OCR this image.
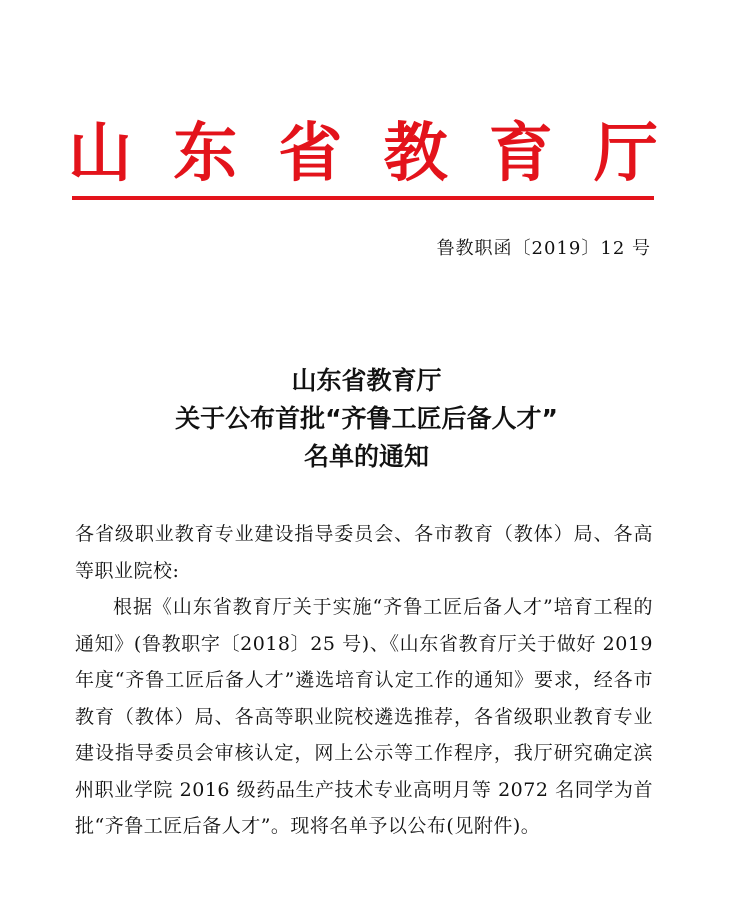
山 东 省 教 育 厅
鲁教职函〔2019〕12 号
山东省教育厅
关于公布首批“齐鲁工匠后备人才”
名单的通知

各省级职业教育专业建设指导委员会、各市教育（教体）局、各高等职业院校:

根据《山东省教育厅关于实施“齐鲁工匠后备人才”培育工程的通知》(鲁教职字〔2018〕25 号)、《山东省教育厅关于做好 2019 年度“齐鲁工匠后备人才”遴选培育认定工作的通知》要求，经各市教育（教体）局、各高等职业院校遴选推荐，各省级职业教育专业建设指导委员会审核认定，网上公示等工作程序，我厅研究确定滨州职业学院 2016 级药品生产技术专业高明月等 2072 名同学为首批“齐鲁工匠后备人才”。现将名单予以公布(见附件)。
